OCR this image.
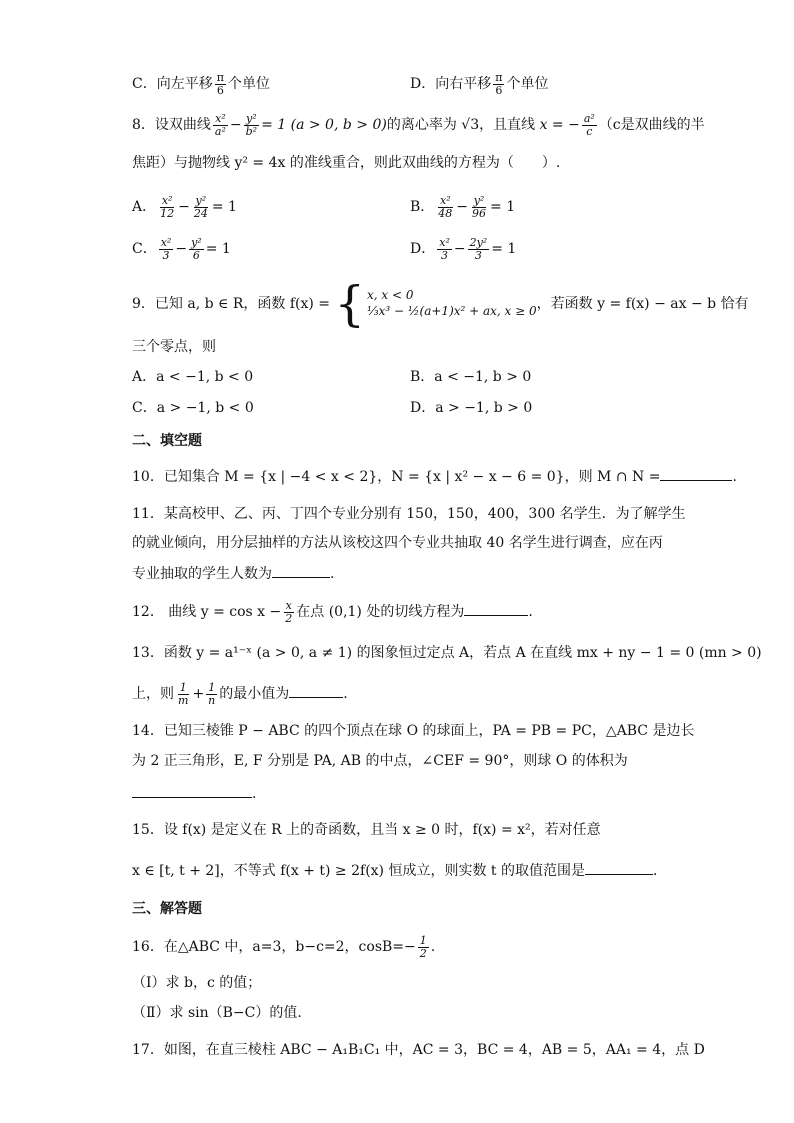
C．向左平移 $\frac{\pi}{6}$ 个单位	D．向右平移 $\frac{\pi}{6}$ 个单位
8．设双曲线 $\frac{\text{x²}}{\text{a²}} - \frac{\text{y²}}{\text{b²}} = 1$ (a > 0, b > 0)的离心率为 √3，且直线 x = − $\frac{\text{a²}}{c} (c$是双曲线的半
焦距）与抛物线 y² = 4x 的准线重合，则此双曲线的方程为（　　）.
A． $\frac{\text{x²}}{12} - \frac{\text{y²}}{24} = 1$	B． $\frac{\text{x²}}{48} - \frac{\text{y²}}{96} = 1$
C． $\frac{\text{x²}}{3} - \frac{\text{y²}}{6} = 1$	D． $\frac{\text{x²}}{3} - \frac{\text{2y²}}{3} = 1$
9．已知 a, b ∈ R，函数 f(x) = { x, x < 0
⅓x³ − ½(a+1)x² + ax, x ≥ 0 ，若函数 y = f(x) − ax − b 恰有
三个零点，则
A．a < −1, b < 0	B．a < −1, b > 0
C．a > −1, b < 0	D．a > −1, b > 0
二、填空题
10．已知集合 M = {x | −4 < x < 2}，N = {x | x² − x − 6 = 0}，则 M ∩ N =	.
11．某高校甲、乙、丙、丁四个专业分别有 150，150，400，300 名学生．为了解学生
的就业倾向，用分层抽样的方法从该校这四个专业共抽取 40 名学生进行调查，应在丙
专业抽取的学生人数为	.
12． 曲线 $y = \cos x - \frac{x}{2}$ 在点 (0,1) 处的切线方程为	.
13．函数 y = a¹⁻ˣ (a > 0, a ≠ 1) 的图象恒过定点 A，若点 A 在直线 mx + ny − 1 = 0 (mn > 0)
上，则 $\frac{1}{m} + \frac{1}{n}$ 的最小值为	.
14．已知三棱锥 P − ABC 的四个顶点在球 O 的球面上，PA = PB = PC，△ABC 是边长
为 2 正三角形，E, F 分别是 PA, AB 的中点，∠CEF = 90°，则球 O 的体积为
.
15．设 f(x) 是定义在 R 上的奇函数，且当 x ≥ 0 时，f(x) = x²，若对任意
x ∈ [t, t + 2]，不等式 f(x + t) ≥ 2f(x) 恒成立，则实数 t 的取值范围是	.
三、解答题
16．在△ABC 中，a=3，b−c=2，$\cos B=- \frac{1}{2}$ .
（Ⅰ）求 b，c 的值；
（Ⅱ）求 sin（B−C）的值.
17．如图，在直三棱柱 ABC − A₁B₁C₁ 中，AC = 3，BC = 4，AB = 5，AA₁ = 4，点 D
